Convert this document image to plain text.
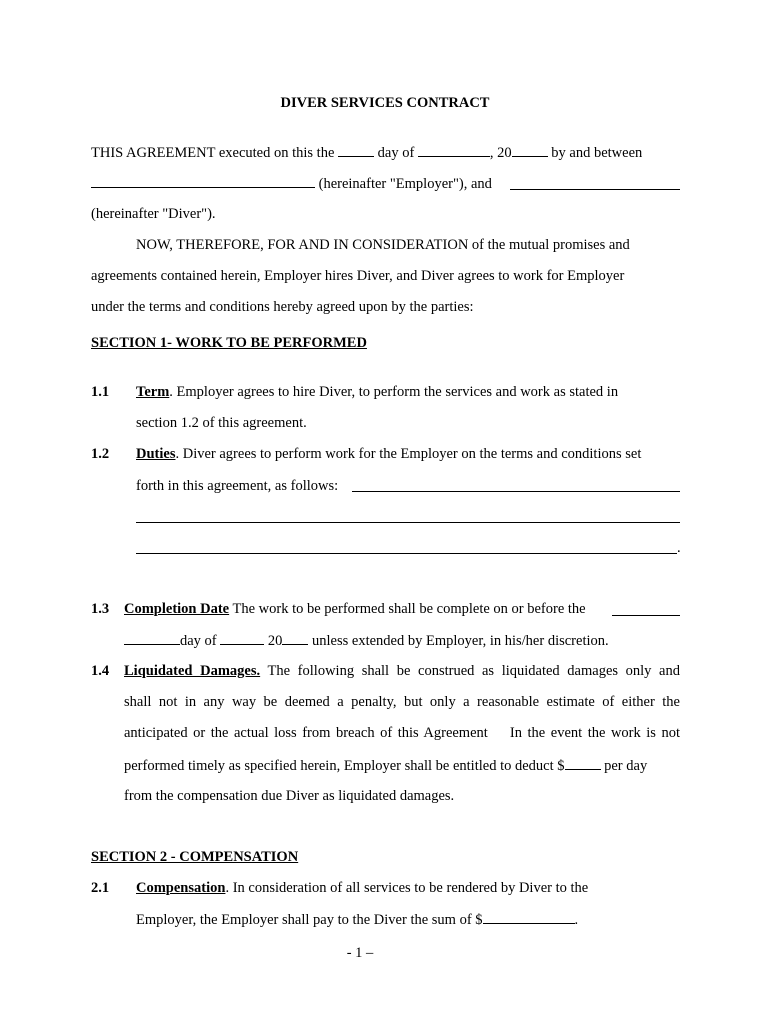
DIVER SERVICES CONTRACT
THIS AGREEMENT executed on this the	day of	, 20	by and between
(hereinafter "Employer"), and
(hereinafter "Diver").
NOW, THEREFORE, FOR AND IN CONSIDERATION of the mutual promises and
agreements contained herein, Employer hires Diver, and Diver agrees to work for Employer
under the terms and conditions hereby agreed upon by the parties:
SECTION 1- WORK TO BE PERFORMED
1.1 Term. Employer agrees to hire Diver, to perform the services and work as stated in
section 1.2 of this agreement.
1.2 Duties. Diver agrees to perform work for the Employer on the terms and conditions set
forth in this agreement, as follows:
.
1.3 Completion Date The work to be performed shall be complete on or before the
day of	20 unless extended by Employer, in his/her discretion.
1.4 Liquidated Damages. The following shall be construed as liquidated damages only and
shall not in any way be deemed a penalty, but only a reasonable estimate of either the
anticipated or the actual loss from breach of this Agreement    In the event the work is not
performed timely as specified herein, Employer shall be entitled to deduct $	per day
from the compensation due Diver as liquidated damages.
SECTION 2 - COMPENSATION
2.1 Compensation. In consideration of all services to be rendered by Diver to the
Employer, the Employer shall pay to the Diver the sum of $	.
- 1 –
